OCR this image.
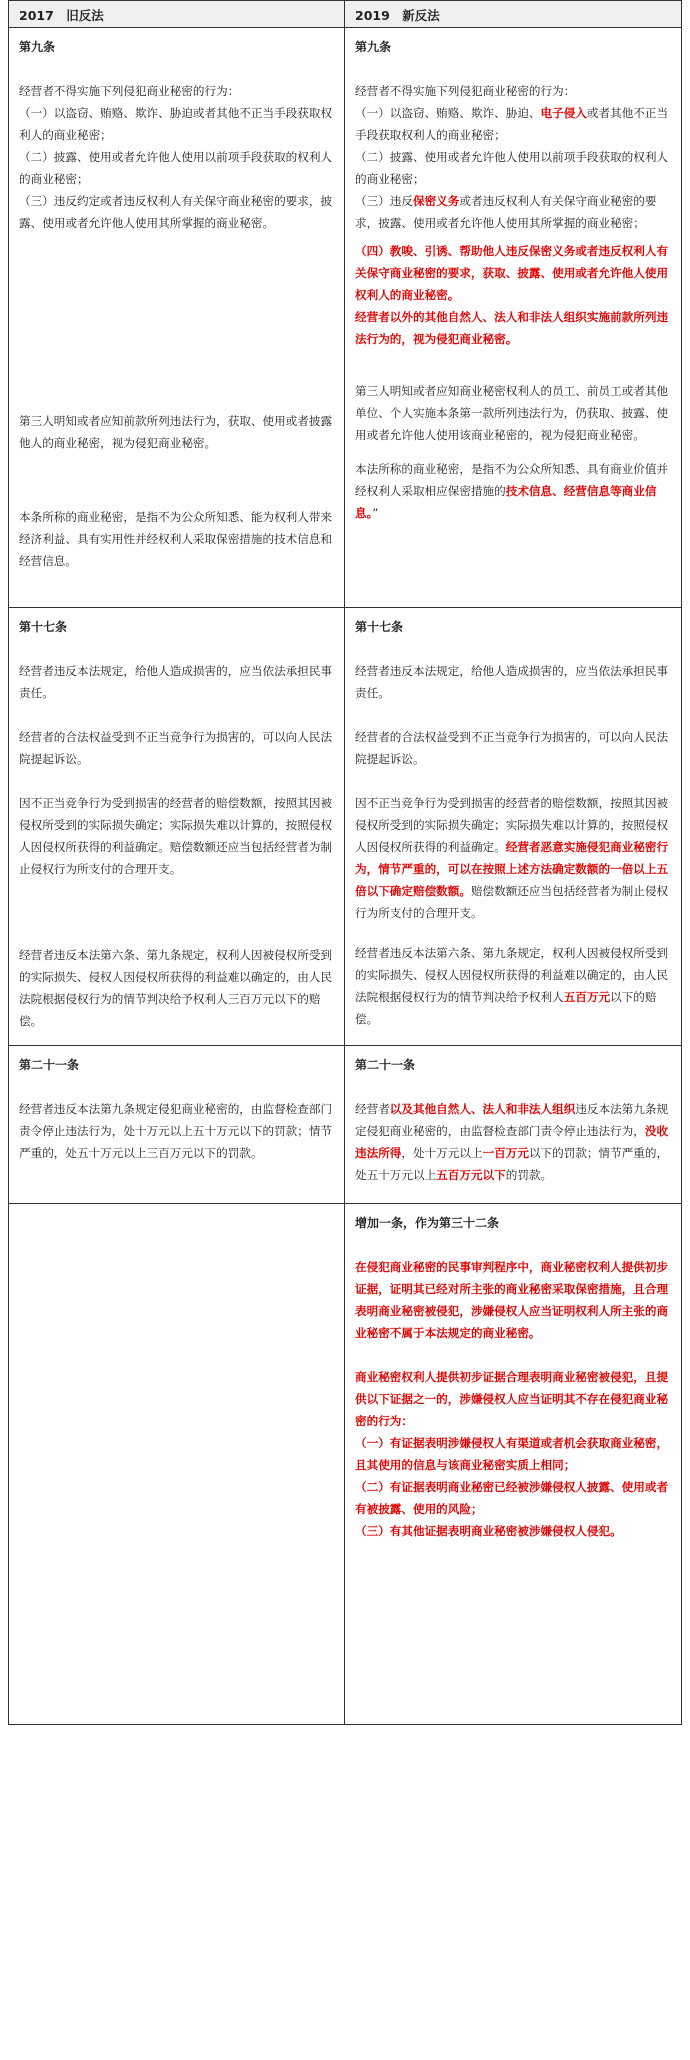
2017　旧反法	2019　新反法
第九条
经营者不得实施下列侵犯商业秘密的行为：
（一）以盗窃、贿赂、欺诈、胁迫或者其他不正当手段获取权利人的商业秘密；
（二）披露、使用或者允许他人使用以前项手段获取的权利人的商业秘密；
（三）违反约定或者违反权利人有关保守商业秘密的要求，披露、使用或者允许他人使用其所掌握的商业秘密。
第三人明知或者应知前款所列违法行为，获取、使用或者披露他人的商业秘密，视为侵犯商业秘密。
本条所称的商业秘密，是指不为公众所知悉、能为权利人带来经济利益、具有实用性并经权利人采取保密措施的技术信息和经营信息。
第九条
经营者不得实施下列侵犯商业秘密的行为：
（一）以盗窃、贿赂、欺诈、胁迫、电子侵入或者其他不正当手段获取权利人的商业秘密；
（二）披露、使用或者允许他人使用以前项手段获取的权利人的商业秘密；
（三）违反保密义务或者违反权利人有关保守商业秘密的要求，披露、使用或者允许他人使用其所掌握的商业秘密；
（四）教唆、引诱、帮助他人违反保密义务或者违反权利人有关保守商业秘密的要求，获取、披露、使用或者允许他人使用权利人的商业秘密。
经营者以外的其他自然人、法人和非法人组织实施前款所列违法行为的，视为侵犯商业秘密。
第三人明知或者应知商业秘密权利人的员工、前员工或者其他单位、个人实施本条第一款所列违法行为，仍获取、披露、使用或者允许他人使用该商业秘密的，视为侵犯商业秘密。
本法所称的商业秘密，是指不为公众所知悉、具有商业价值并经权利人采取相应保密措施的技术信息、经营信息等商业信息。”
第十七条
经营者违反本法规定，给他人造成损害的，应当依法承担民事责任。
经营者的合法权益受到不正当竞争行为损害的，可以向人民法院提起诉讼。
因不正当竞争行为受到损害的经营者的赔偿数额，按照其因被侵权所受到的实际损失确定；实际损失难以计算的，按照侵权人因侵权所获得的利益确定。赔偿数额还应当包括经营者为制止侵权行为所支付的合理开支。
经营者违反本法第六条、第九条规定，权利人因被侵权所受到的实际损失、侵权人因侵权所获得的利益难以确定的，由人民法院根据侵权行为的情节判决给予权利人三百万元以下的赔偿。
第十七条
经营者违反本法规定，给他人造成损害的，应当依法承担民事责任。
经营者的合法权益受到不正当竞争行为损害的，可以向人民法院提起诉讼。
因不正当竞争行为受到损害的经营者的赔偿数额，按照其因被侵权所受到的实际损失确定；实际损失难以计算的，按照侵权人因侵权所获得的利益确定。经营者恶意实施侵犯商业秘密行为，情节严重的，可以在按照上述方法确定数额的一倍以上五倍以下确定赔偿数额。赔偿数额还应当包括经营者为制止侵权行为所支付的合理开支。
经营者违反本法第六条、第九条规定，权利人因被侵权所受到的实际损失、侵权人因侵权所获得的利益难以确定的，由人民法院根据侵权行为的情节判决给予权利人五百万元以下的赔偿。
第二十一条
经营者违反本法第九条规定侵犯商业秘密的，由监督检查部门责令停止违法行为，处十万元以上五十万元以下的罚款；情节严重的，处五十万元以上三百万元以下的罚款。
第二十一条
经营者以及其他自然人、法人和非法人组织违反本法第九条规定侵犯商业秘密的，由监督检查部门责令停止违法行为，没收违法所得，处十万元以上一百万元以下的罚款；情节严重的，处五十万元以上五百万元以下的罚款。
增加一条，作为第三十二条
在侵犯商业秘密的民事审判程序中，商业秘密权利人提供初步证据，证明其已经对所主张的商业秘密采取保密措施，且合理表明商业秘密被侵犯，涉嫌侵权人应当证明权利人所主张的商业秘密不属于本法规定的商业秘密。
商业秘密权利人提供初步证据合理表明商业秘密被侵犯，且提供以下证据之一的，涉嫌侵权人应当证明其不存在侵犯商业秘密的行为：
（一）有证据表明涉嫌侵权人有渠道或者机会获取商业秘密，且其使用的信息与该商业秘密实质上相同；
（二）有证据表明商业秘密已经被涉嫌侵权人披露、使用或者有被披露、使用的风险；
（三）有其他证据表明商业秘密被涉嫌侵权人侵犯。
